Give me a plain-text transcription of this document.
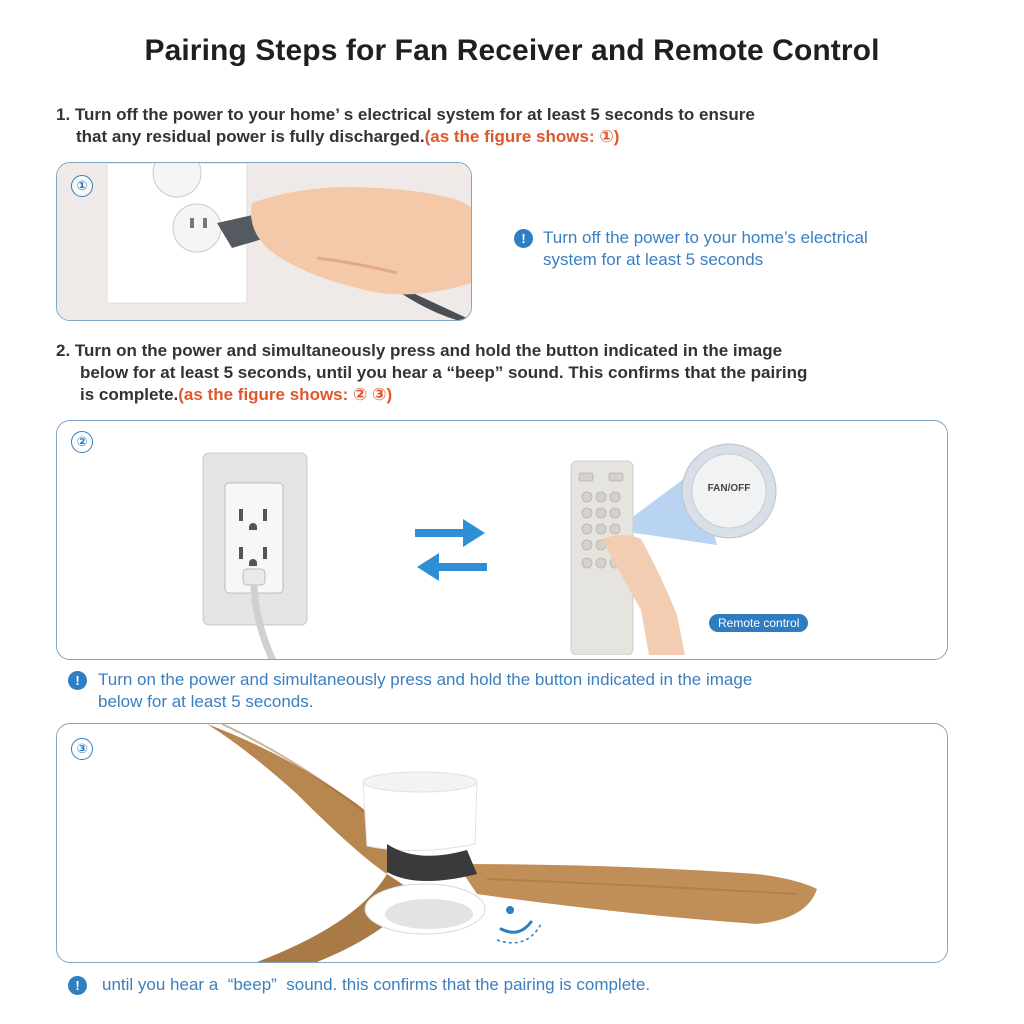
Pairing Steps for Fan Receiver and Remote Control
1. Turn off the power to your home’ s electrical system for at least 5 seconds to ensure
that any residual power is fully discharged.(as the figure shows: ①)
①
!	Turn off the power to your home’s electrical
system for at least 5 seconds
2. Turn on the power and simultaneously press and hold the button indicated in the image
below for at least 5 seconds, until you hear a “beep” sound. This confirms that the pairing
is complete.(as the figure shows: ② ③)
②
FAN/OFF
Remote control
!	Turn on the power and simultaneously press and hold the button indicated in the image
below for at least 5 seconds.
③
!	until you hear a  “beep”  sound. this confirms that the pairing is complete.
